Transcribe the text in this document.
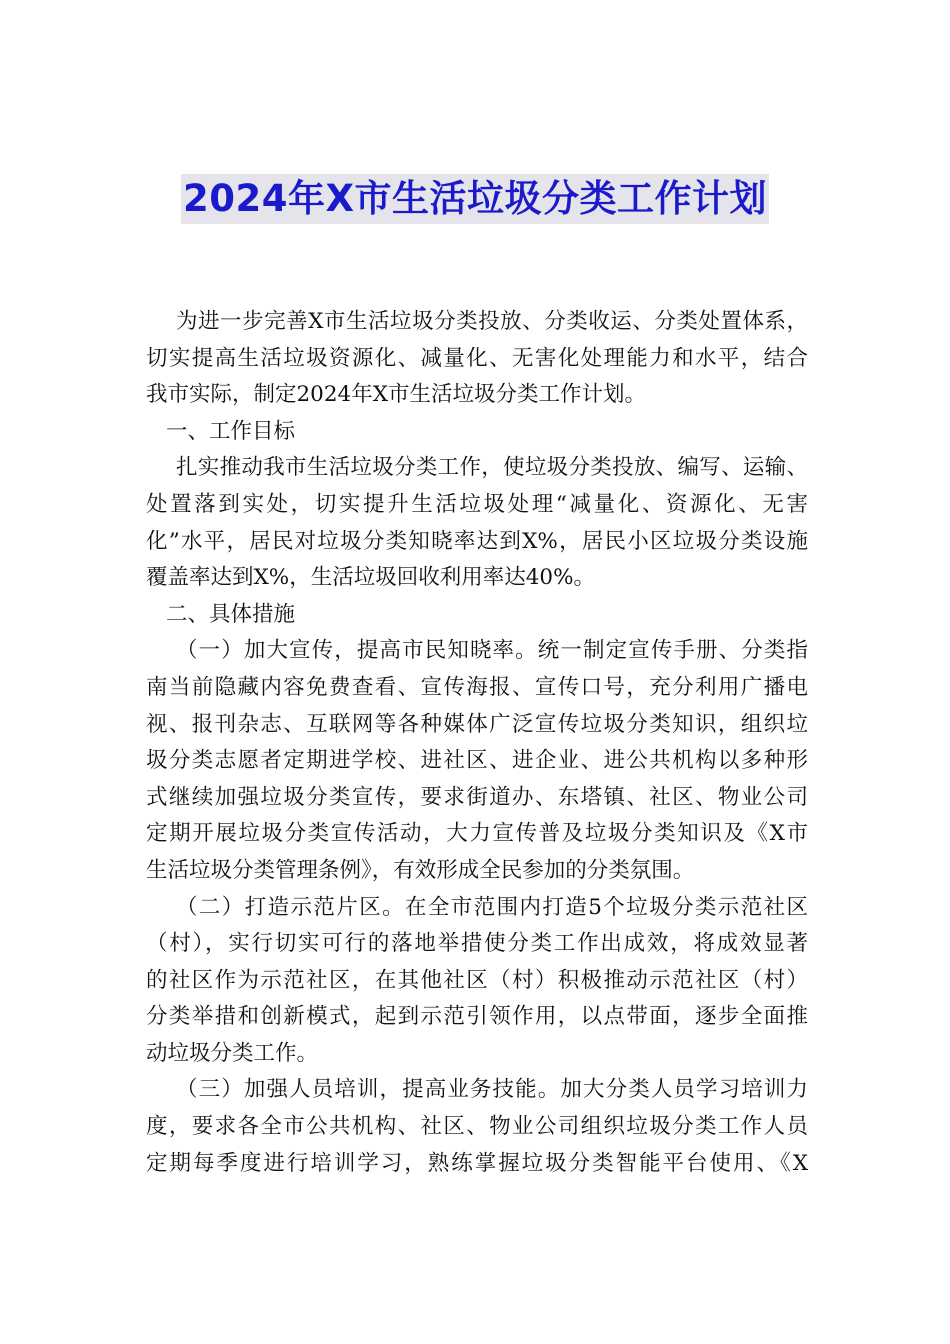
2024年X市生活垃圾分类工作计划

为进一步完善X市生活垃圾分类投放、分类收运、分类处置体系，
切实提高生活垃圾资源化、减量化、无害化处理能力和水平，结合
我市实际，制定2024年X市生活垃圾分类工作计划。

一、工作目标

扎实推动我市生活垃圾分类工作，使垃圾分类投放、编写、运输、
处置落到实处，切实提升生活垃圾处理“减量化、资源化、无害
化”水平，居民对垃圾分类知晓率达到X%，居民小区垃圾分类设施
覆盖率达到X%，生活垃圾回收利用率达40%。

二、具体措施

（一）加大宣传，提高市民知晓率。统一制定宣传手册、分类指
南当前隐藏内容免费查看、宣传海报、宣传口号，充分利用广播电
视、报刊杂志、互联网等各种媒体广泛宣传垃圾分类知识，组织垃
圾分类志愿者定期进学校、进社区、进企业、进公共机构以多种形
式继续加强垃圾分类宣传，要求街道办、东塔镇、社区、物业公司
定期开展垃圾分类宣传活动，大力宣传普及垃圾分类知识及《X市
生活垃圾分类管理条例》，有效形成全民参加的分类氛围。

（二）打造示范片区。在全市范围内打造5个垃圾分类示范社区
（村），实行切实可行的落地举措使分类工作出成效，将成效显著
的社区作为示范社区，在其他社区（村）积极推动示范社区（村）
分类举措和创新模式，起到示范引领作用，以点带面，逐步全面推
动垃圾分类工作。

（三）加强人员培训，提高业务技能。加大分类人员学习培训力
度，要求各全市公共机构、社区、物业公司组织垃圾分类工作人员
定期每季度进行培训学习，熟练掌握垃圾分类智能平台使用、《X
